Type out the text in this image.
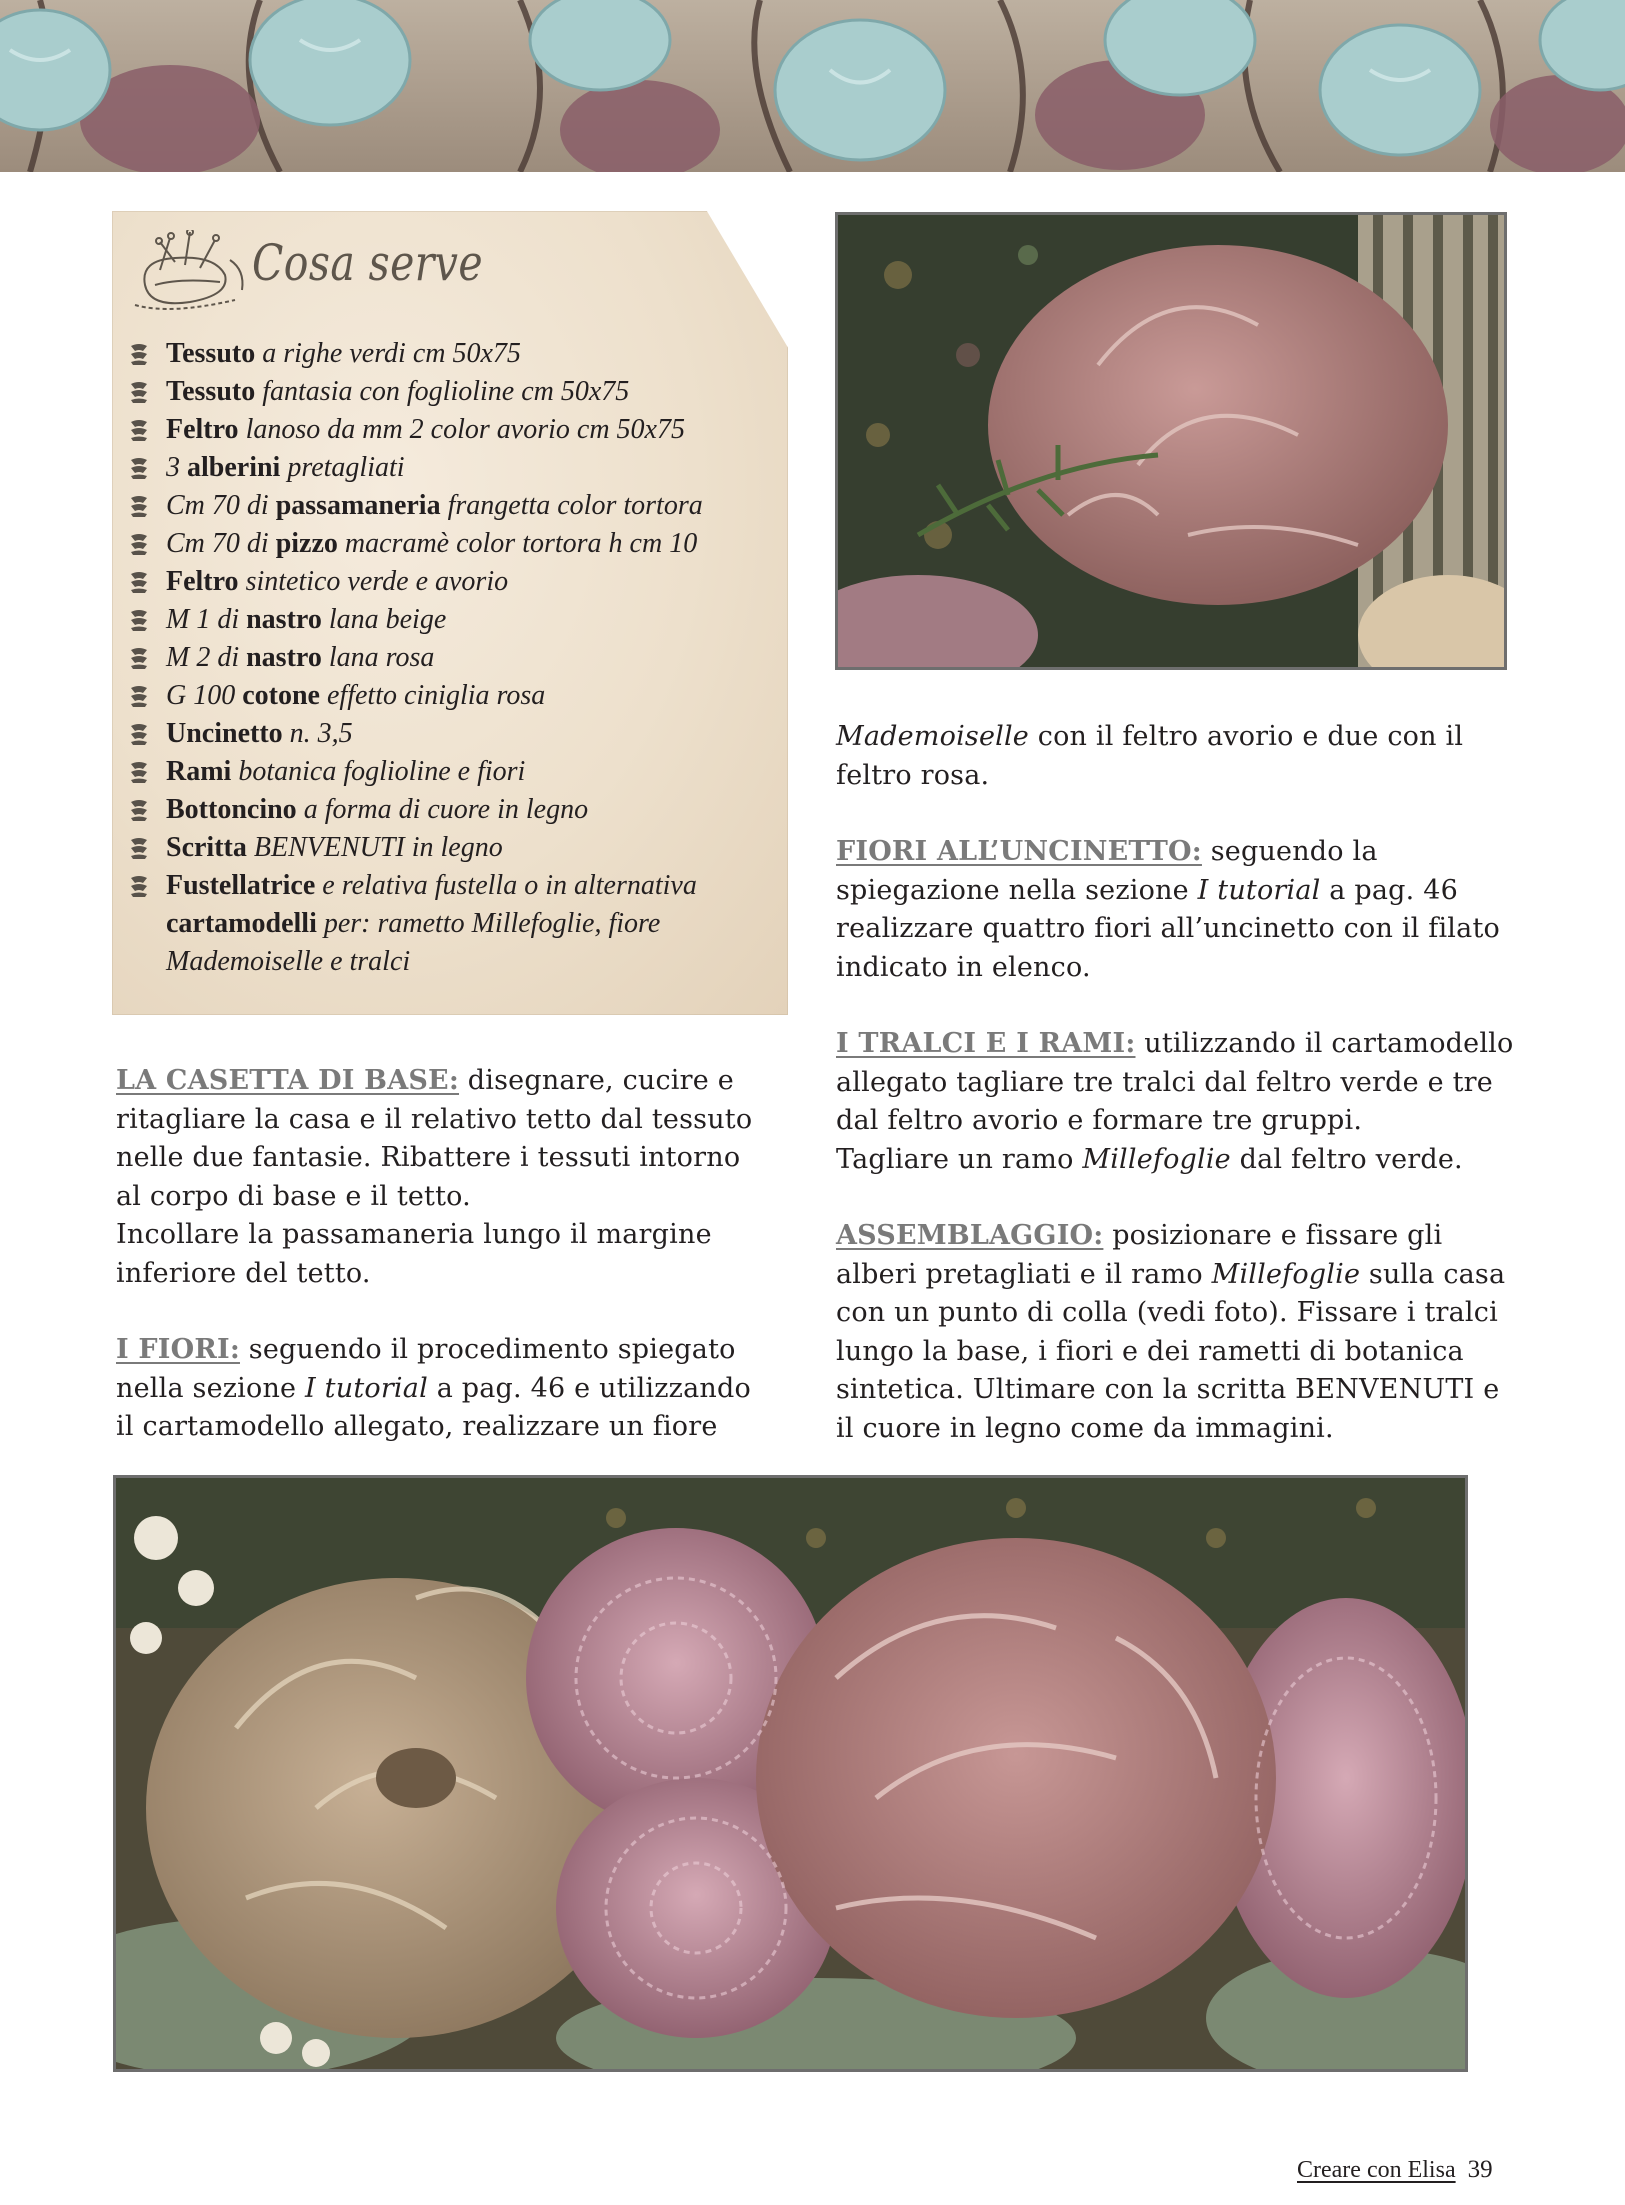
Cosa serve
Tessuto a righe verdi cm 50x75
Tessuto fantasia con foglioline cm 50x75
Feltro lanoso da mm 2 color avorio cm 50x75
3 alberini pretagliati
Cm 70 di passamaneria frangetta color tortora
Cm 70 di pizzo macramè color tortora h cm 10
Feltro sintetico verde e avorio
M 1 di nastro lana beige
M 2 di nastro lana rosa
G 100 cotone effetto ciniglia rosa
Uncinetto n. 3,5
Rami botanica foglioline e fiori
Bottoncino a forma di cuore in legno
Scritta BENVENUTI in legno
Fustellatrice e relativa fustella o in alternativa cartamodelli per: rametto Millefoglie, fiore Mademoiselle e tralci

LA CASETTA DI BASE: disegnare, cucire e ritagliare la casa e il relativo tetto dal tessuto nelle due fantasie. Ribattere i tessuti intorno al corpo di base e il tetto.
Incollare la passamaneria lungo il margine inferiore del tetto.

I FIORI: seguendo il procedimento spiegato nella sezione I tutorial a pag. 46 e utilizzando il cartamodello allegato, realizzare un fiore

Mademoiselle con il feltro avorio e due con il feltro rosa.

FIORI ALL’UNCINETTO: seguendo la spiegazione nella sezione I tutorial a pag. 46 realizzare quattro fiori all’uncinetto con il filato indicato in elenco.

I TRALCI E I RAMI: utilizzando il cartamodello allegato tagliare tre tralci dal feltro verde e tre dal feltro avorio e formare tre gruppi.
Tagliare un ramo Millefoglie dal feltro verde.

ASSEMBLAGGIO: posizionare e fissare gli alberi pretagliati e il ramo Millefoglie sulla casa con un punto di colla (vedi foto). Fissare i tralci lungo la base, i fiori e dei rametti di botanica sintetica. Ultimare con la scritta BENVENUTI e il cuore in legno come da immagini.

Creare con Elisa 39
